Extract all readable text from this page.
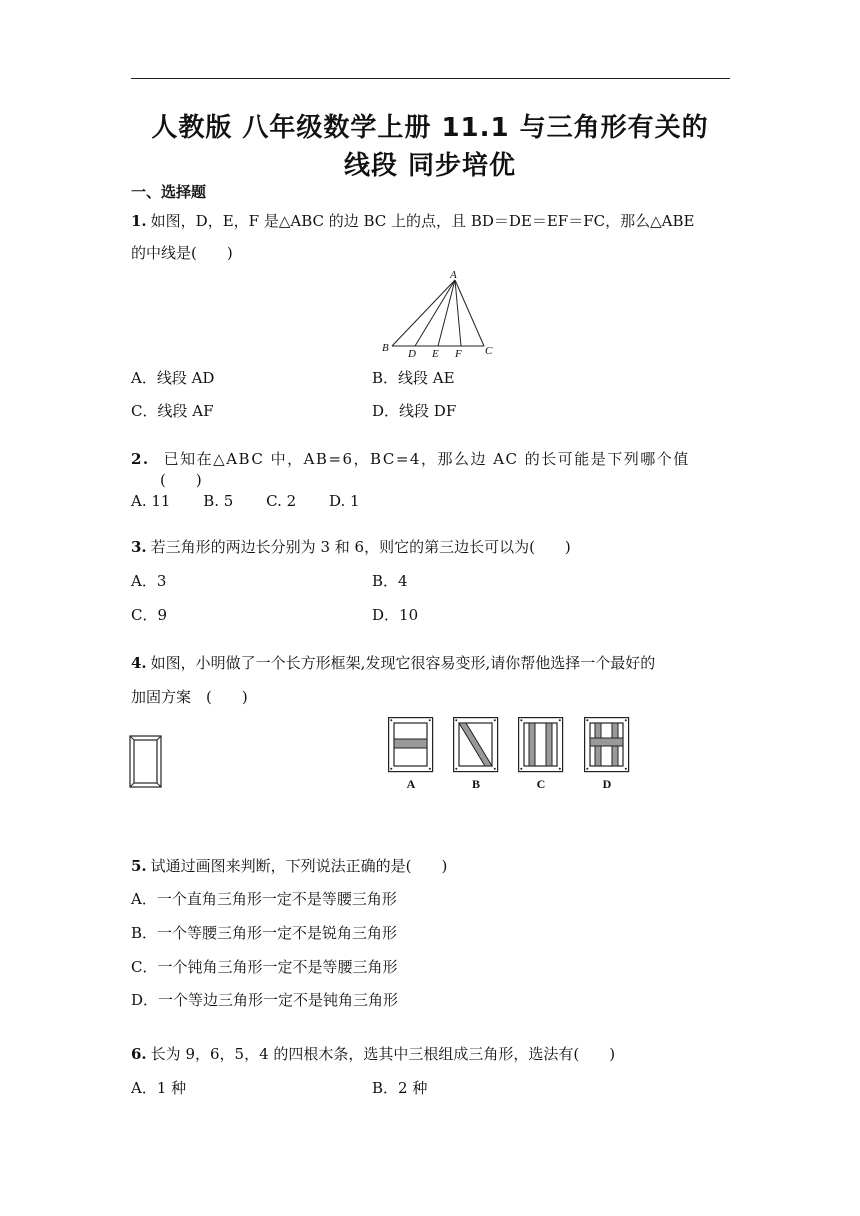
人教版 八年级数学上册 11.1 与三角形有关的
线段 同步培优
一、选择题
1. 如图，D，E，F 是△ABC 的边 BC 上的点，且 BD＝DE＝EF＝FC，那么△ABE
的中线是(　　)
A
B D E F C
A．线段 AD	B．线段 AE
C．线段 AF	D．线段 DF
2. 已知在△ABC 中，AB=6，BC=4，那么边 AC 的长可能是下列哪个值
(　　)
A. 11 B. 5 C. 2 D. 1
3. 若三角形的两边长分别为 3 和 6，则它的第三边长可以为(　　)
A．3	B．4
C．9	D．10
4. 如图，小明做了一个长方形框架,发现它很容易变形,请你帮他选择一个最好的
加固方案　(　　)
A	B	C	D
5. 试通过画图来判断，下列说法正确的是(　　)
A．一个直角三角形一定不是等腰三角形
B．一个等腰三角形一定不是锐角三角形
C．一个钝角三角形一定不是等腰三角形
D．一个等边三角形一定不是钝角三角形
6. 长为 9，6，5，4 的四根木条，选其中三根组成三角形，选法有(　　)
A．1 种	B．2 种
